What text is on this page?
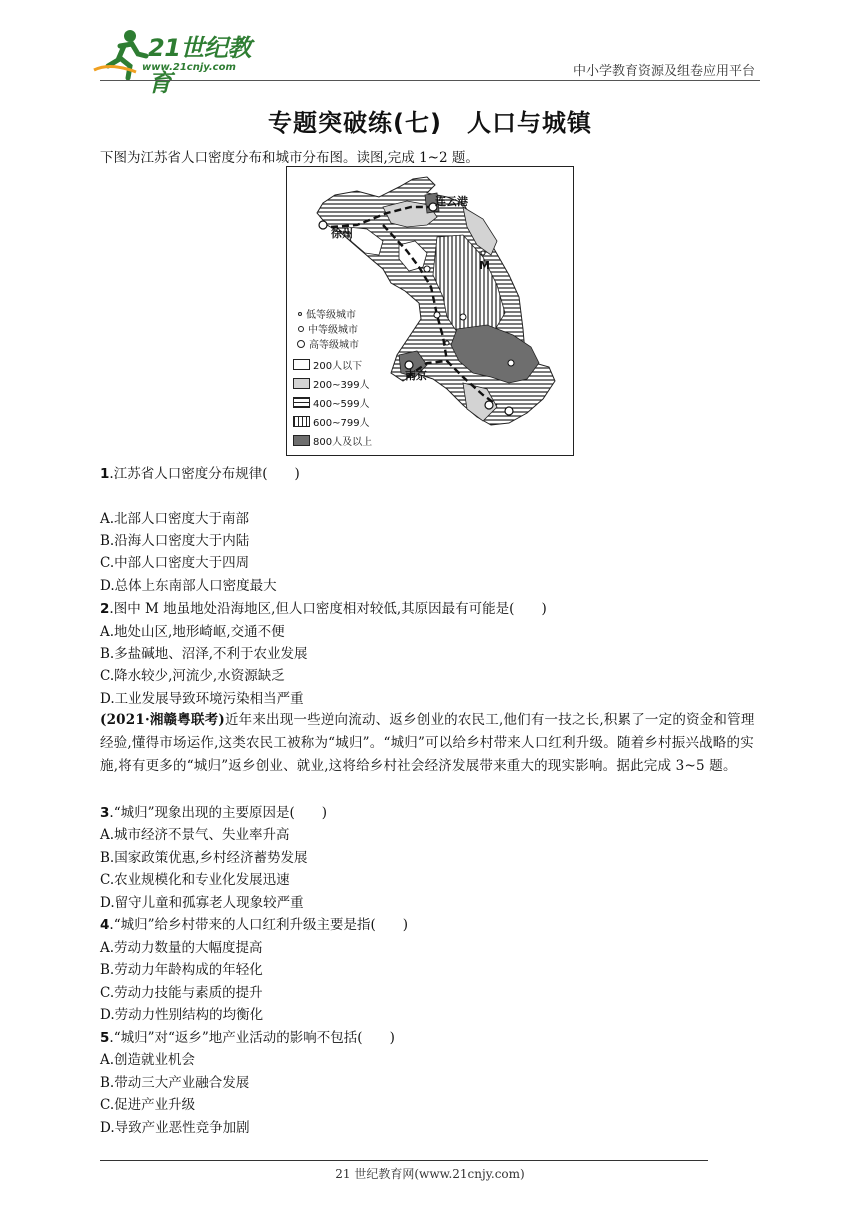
21世纪教育
www.21cnjy.com	中小学教育资源及组卷应用平台
专题突破练(七)　人口与城镇
下图为江苏省人口密度分布和城市分布图。读图,完成 1~2 题。
连云港
徐州
M
南京
低等级城市
中等级城市
高等级城市
200人以下
200~399人
400~599人
600~799人
800人及以上
1.江苏省人口密度分布规律(　　)
A.北部人口密度大于南部
B.沿海人口密度大于内陆
C.中部人口密度大于四周
D.总体上东南部人口密度最大
2.图中 M 地虽地处沿海地区,但人口密度相对较低,其原因最有可能是(　　)
A.地处山区,地形崎岖,交通不便
B.多盐碱地、沼泽,不利于农业发展
C.降水较少,河流少,水资源缺乏
D.工业发展导致环境污染相当严重
(2021·湘赣粤联考)近年来出现一些逆向流动、返乡创业的农民工,他们有一技之长,积累了一定的资金和管理经验,懂得市场运作,这类农民工被称为“城归”。“城归”可以给乡村带来人口红利升级。随着乡村振兴战略的实施,将有更多的“城归”返乡创业、就业,这将给乡村社会经济发展带来重大的现实影响。据此完成 3~5 题。
3.“城归”现象出现的主要原因是(　　)
A.城市经济不景气、失业率升高
B.国家政策优惠,乡村经济蓄势发展
C.农业规模化和专业化发展迅速
D.留守儿童和孤寡老人现象较严重
4.“城归”给乡村带来的人口红利升级主要是指(　　)
A.劳动力数量的大幅度提高
B.劳动力年龄构成的年轻化
C.劳动力技能与素质的提升
D.劳动力性别结构的均衡化
5.“城归”对“返乡”地产业活动的影响不包括(　　)
A.创造就业机会
B.带动三大产业融合发展
C.促进产业升级
D.导致产业恶性竞争加剧
21 世纪教育网(www.21cnjy.com)
